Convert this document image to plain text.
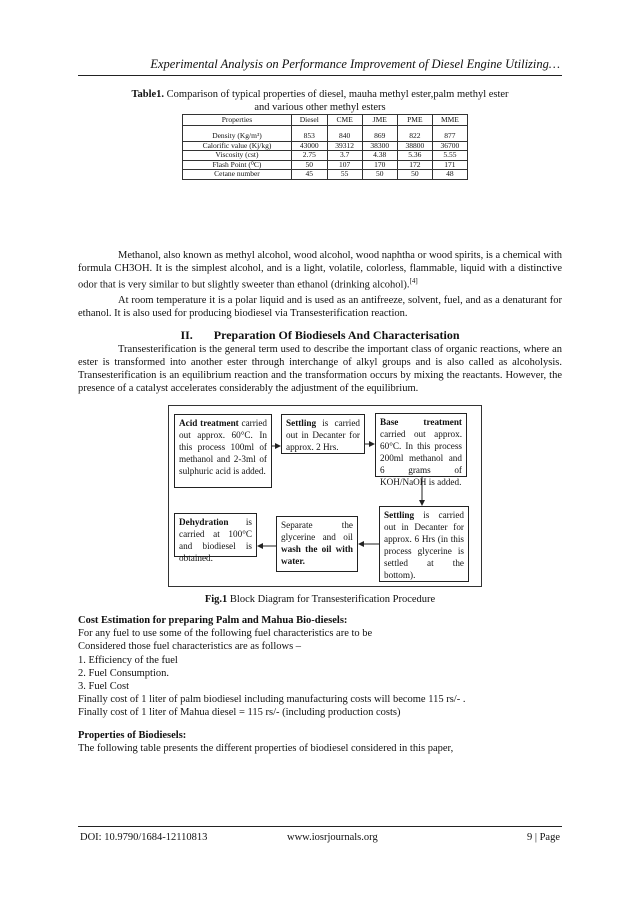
Experimental Analysis on Performance Improvement of Diesel Engine Utilizing…
Table1. Comparison of typical properties of diesel, mauha methyl ester,palm methyl ester
and various other methyl esters
Properties	Diesel	CME	JME	PME	MME

Density (Kg/m³)	853	840	869	822	877
Calorific value (Kj/kg)	43000	39312	38300	38800	36700
Viscosity (cst)	2.75	3.7	4.38	5.36	5.55
Flash Point (⁰C)	50	107	170	172	171
Cetane number	45	55	50	50	48
Methanol, also known as methyl alcohol, wood alcohol, wood naphtha or wood spirits, is a chemical with formula CH3OH. It is the simplest alcohol, and is a light, volatile, colorless, flammable, liquid with a distinctive odor that is very similar to but slightly sweeter than ethanol (drinking alcohol).[4]
At room temperature it is a polar liquid and is used as an antifreeze, solvent, fuel, and as a denaturant for ethanol. It is also used for producing biodiesel via Transesterification reaction.
II. Preparation Of Biodiesels And Characterisation
Transesterification is the general term used to describe the important class of organic reactions, where an ester is transformed into another ester through interchange of alkyl groups and is also called as alcoholysis. Transesterification is an equilibrium reaction and the transformation occurs by mixing the reactants. However, the presence of a catalyst accelerates considerably the adjustment of the equilibrium.
Acid treatment carried out approx. 60°C. In this process 100ml of methanol and 2-3ml of sulphuric acid is added.
Settling is carried out in Decanter for approx. 2 Hrs.
Base treatment carried out approx. 60°C. In this process 200ml methanol and 6 grams of KOH/NaOH is added.
Dehydration is carried at 100°C and biodiesel is obtained.
Separate the glycerine and oil wash the oil with water.
Settling is carried out in Decanter for approx. 6 Hrs (in this process glycerine is settled at the bottom).
Fig.1 Block Diagram for Transesterification Procedure
Cost Estimation for preparing Palm and Mahua Bio-diesels:
For any fuel to use some of the following fuel characteristics are to be
Considered those fuel characteristics are as follows –
1. Efficiency of the fuel
2. Fuel Consumption.
3. Fuel Cost
Finally cost of 1 liter of palm biodiesel including manufacturing costs will become 115 rs/- .
Finally cost of 1 liter of Mahua diesel = 115 rs/- (including production costs)
Properties of Biodiesels:
The following table presents the different properties of biodiesel considered in this paper,
DOI: 10.9790/1684-12110813	www.iosrjournals.org	9 | Page
